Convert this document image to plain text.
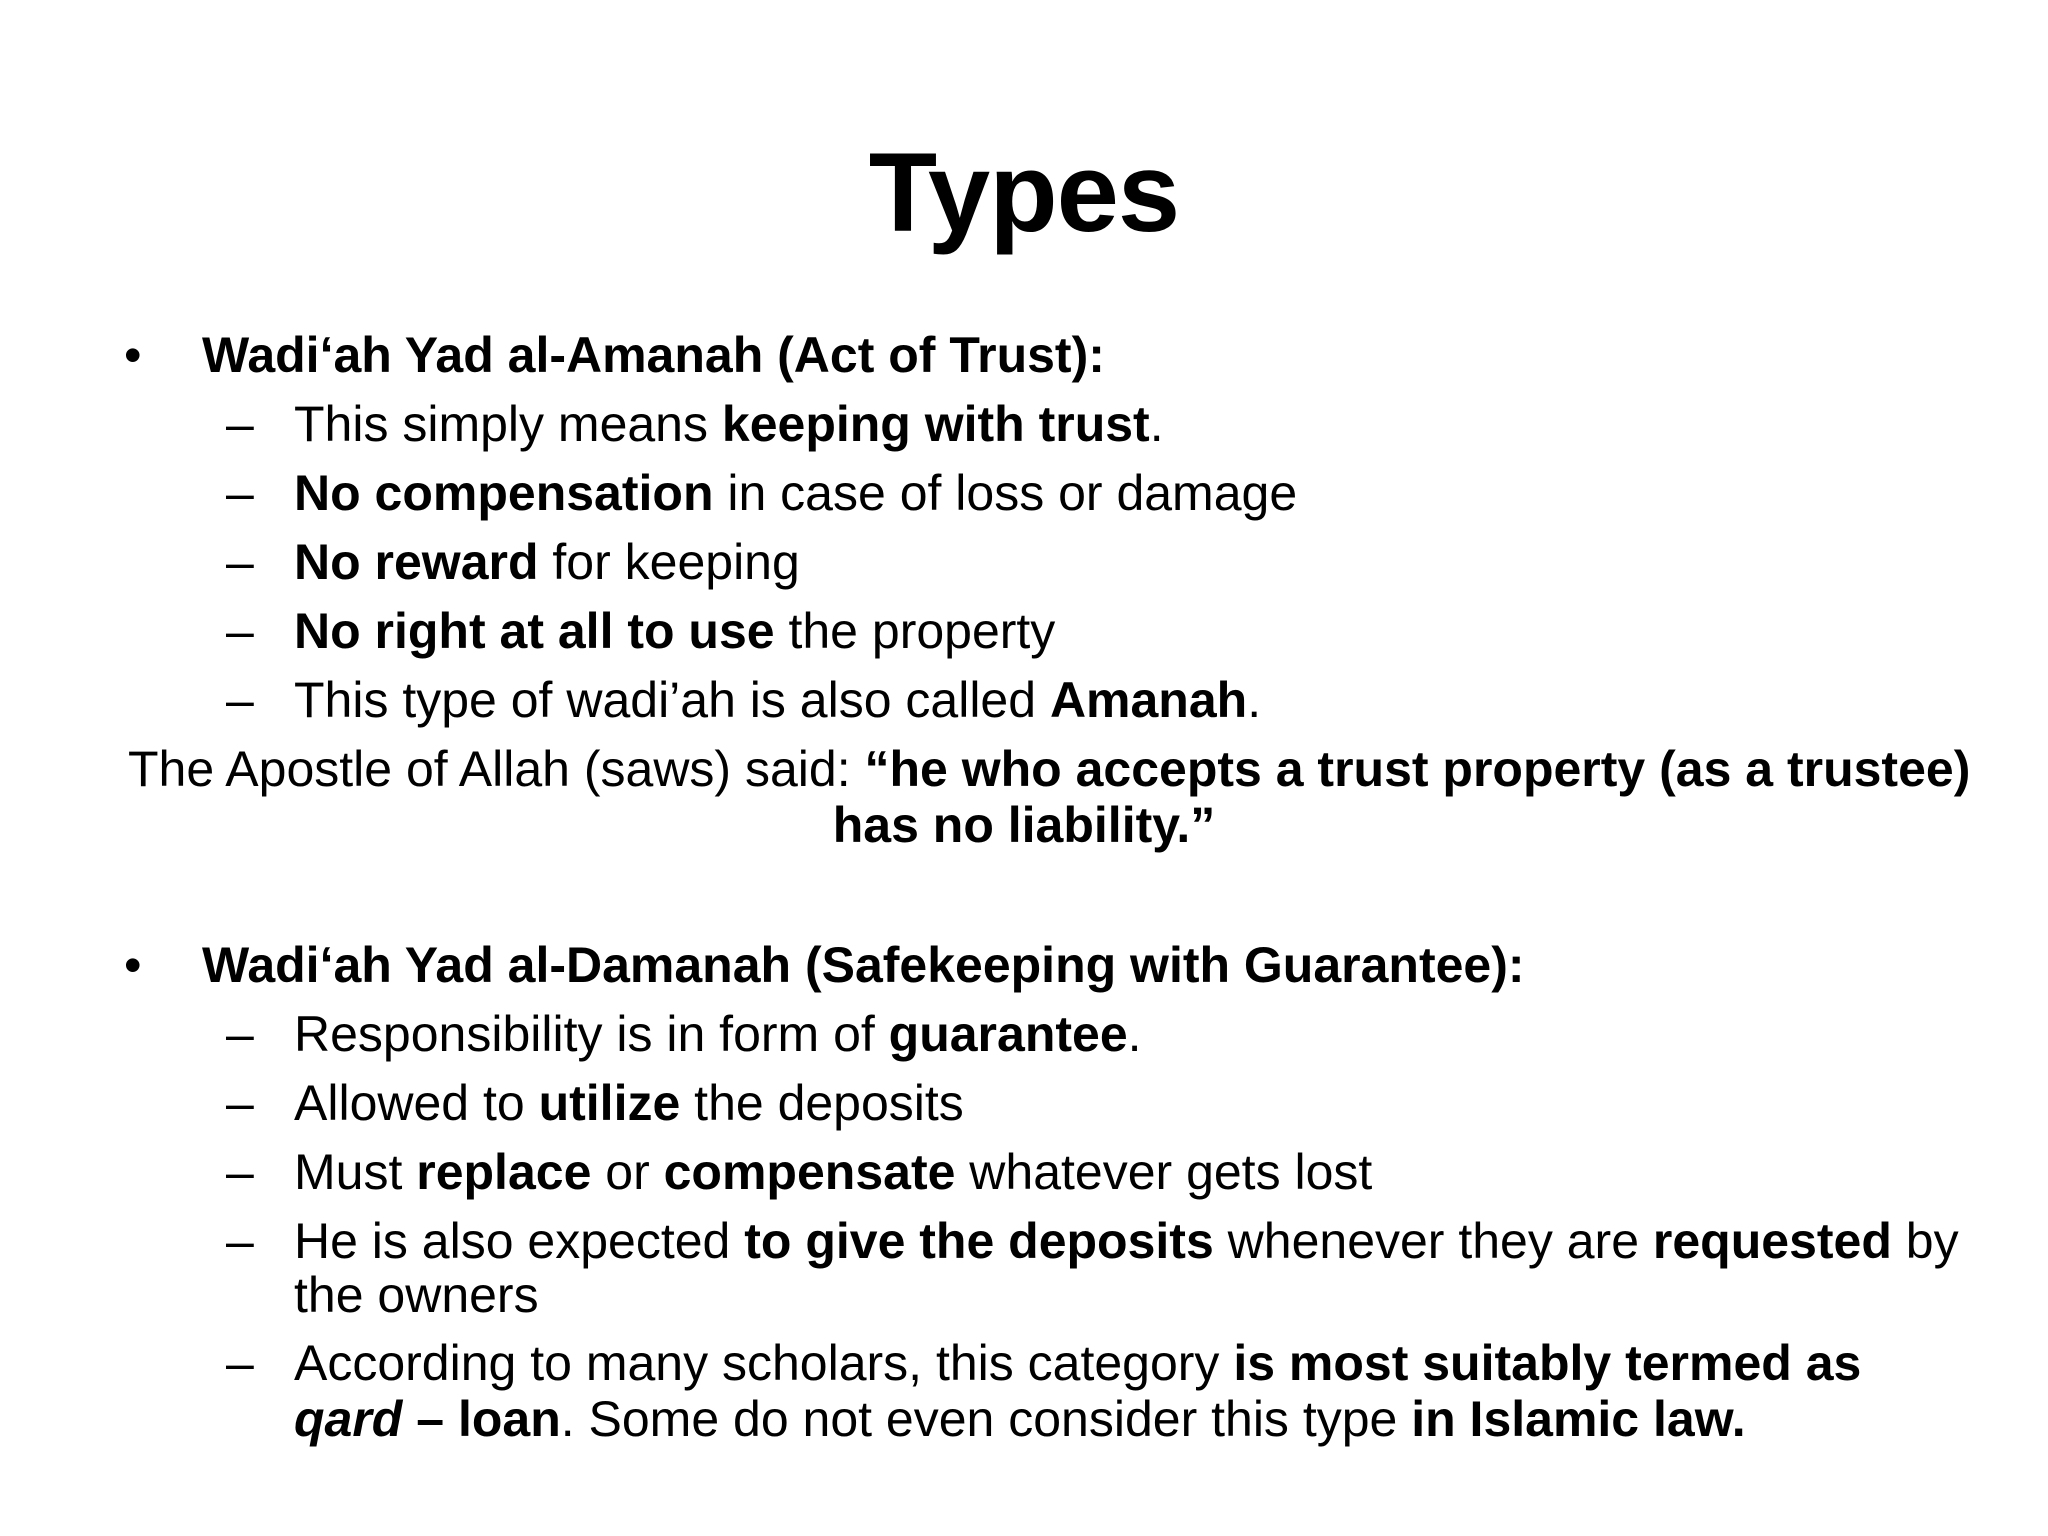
Types
• Wadi‘ah Yad al-Amanah (Act of Trust):
– This simply means keeping with trust.
– No compensation in case of loss or damage
– No reward for keeping
– No right at all to use the property
– This type of wadi’ah is also called Amanah.
The Apostle of Allah (saws) said: “he who accepts a trust property (as a trustee)
has no liability.”
• Wadi‘ah Yad al-Damanah (Safekeeping with Guarantee):
– Responsibility is in form of guarantee.
– Allowed to utilize the deposits
– Must replace or compensate whatever gets lost
– He is also expected to give the deposits whenever they are requested by
the owners
– According to many scholars, this category is most suitably termed as
qard – loan. Some do not even consider this type in Islamic law.
